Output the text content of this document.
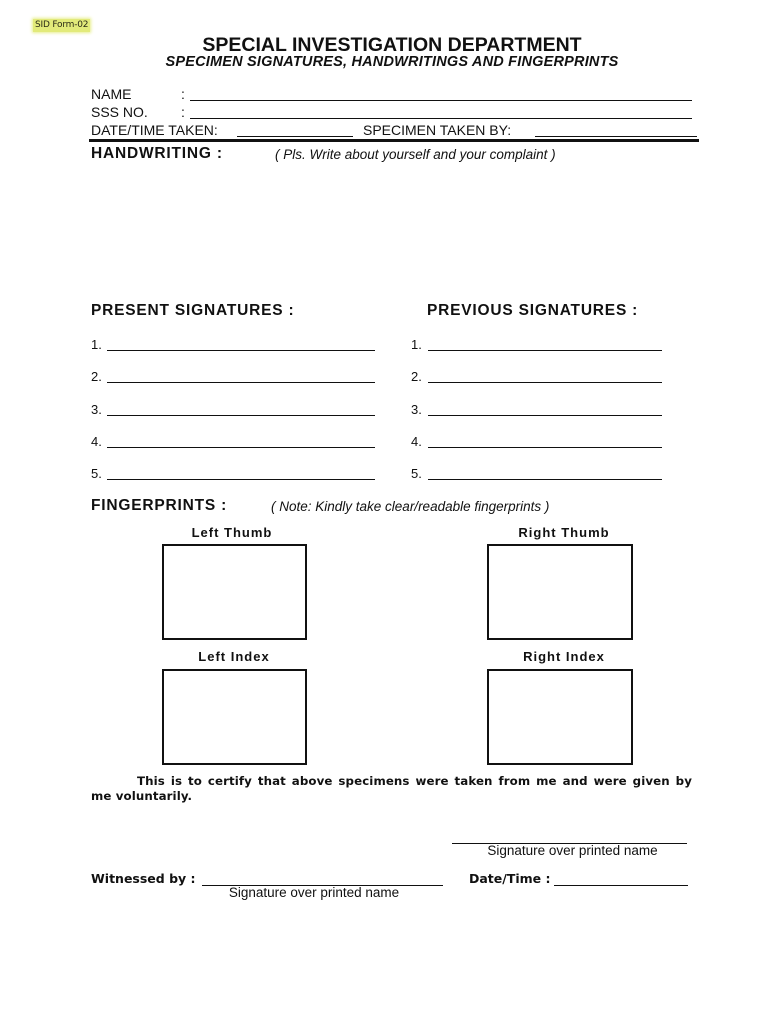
SID Form-02
SPECIAL INVESTIGATION DEPARTMENT
SPECIMEN SIGNATURES, HANDWRITINGS AND FINGERPRINTS
NAME	:
SSS NO. :
DATE/TIME TAKEN:	SPECIMEN TAKEN BY:
HANDWRITING :	( Pls. Write about yourself and your complaint )
PRESENT SIGNATURES :	PREVIOUS SIGNATURES :
1.
2.
3.
4.
5.
1.
2.
3.
4.
5.
FINGERPRINTS :	( Note: Kindly take clear/readable fingerprints )
Left Thumb	Right Thumb
Left Index	Right Index
This is to certify that above specimens were taken from me and were given by
me voluntarily.
Signature over printed name
Witnessed by :	Date/Time :
Signature over printed name
